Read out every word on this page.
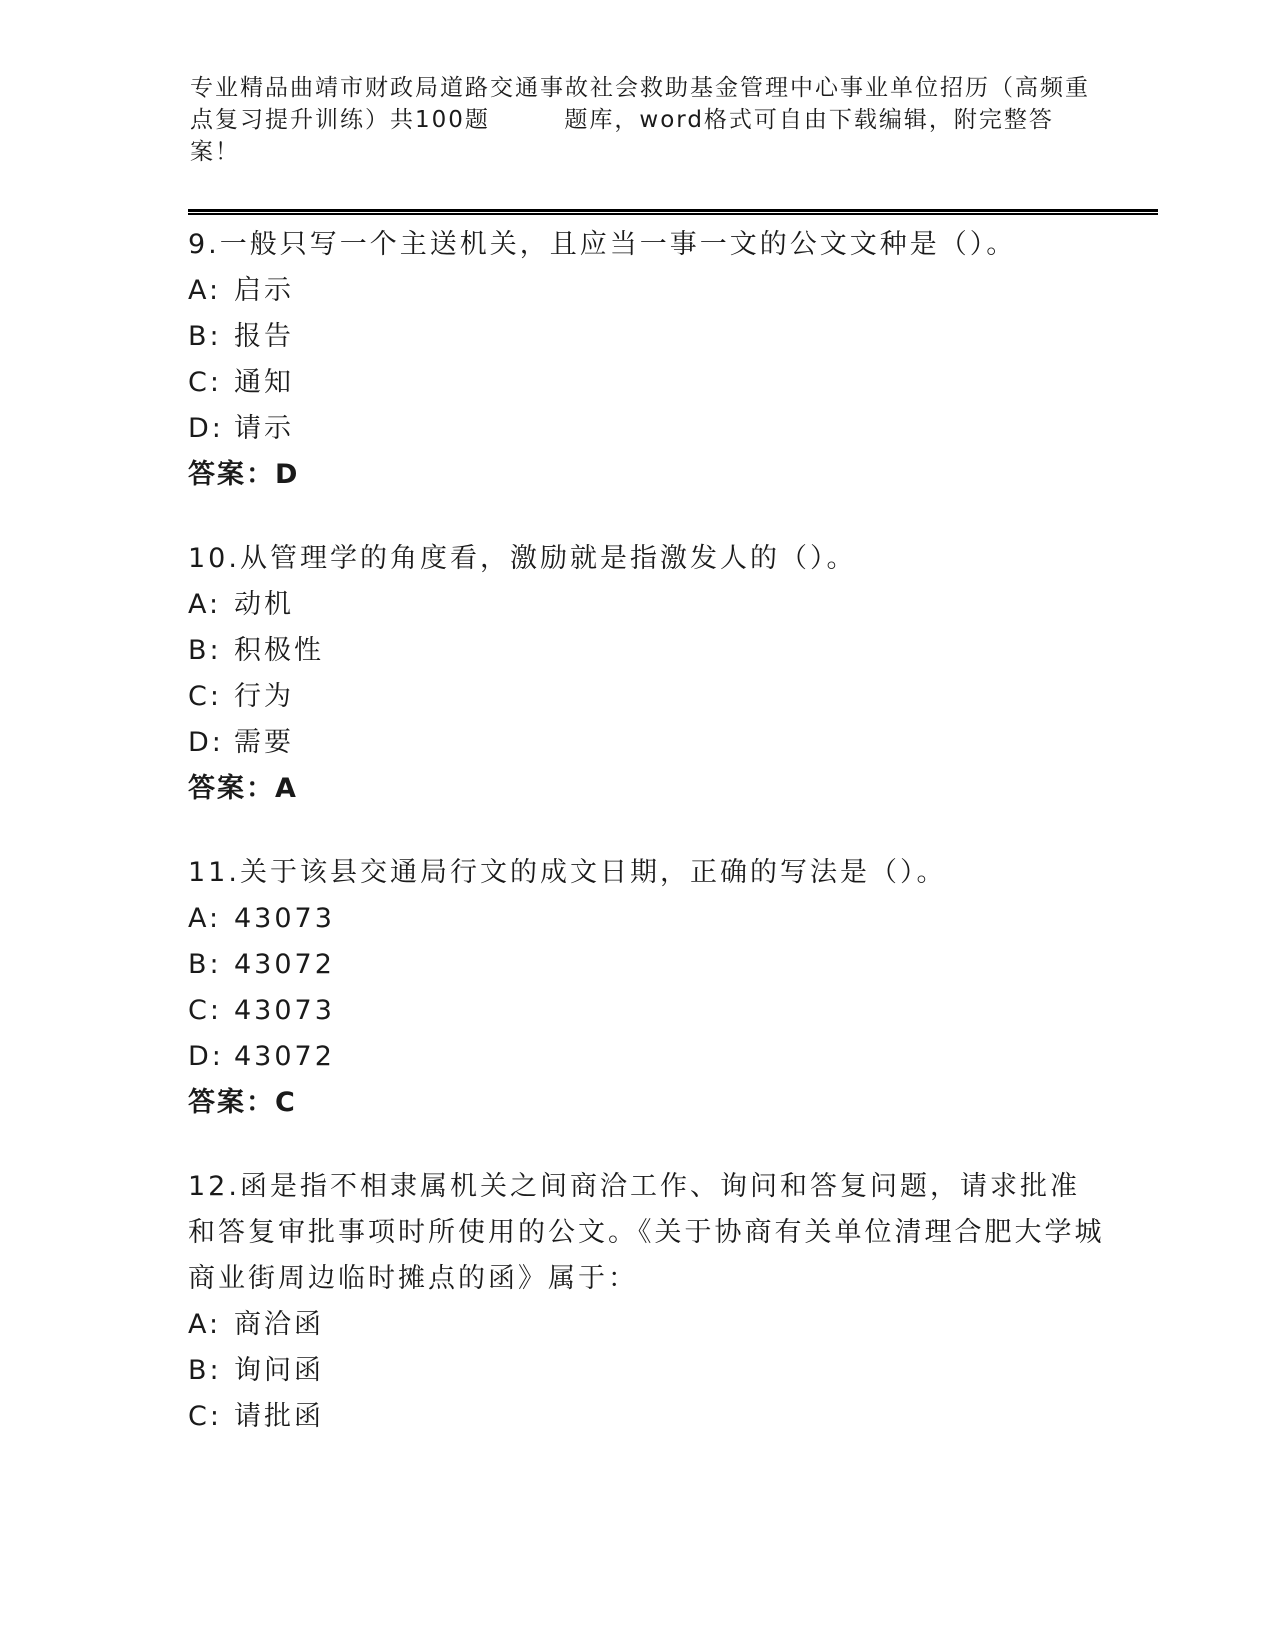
专业精品曲靖市财政局道路交通事故社会救助基金管理中心事业单位招历（高频重点复习提升训练）共100题        题库，word格式可自由下载编辑，附完整答案！
9.一般只写一个主送机关，且应当一事一文的公文文种是（）。
A: 启示
B: 报告
C: 通知
D: 请示
答案：D
10.从管理学的角度看，激励就是指激发人的（）。
A: 动机
B: 积极性
C: 行为
D: 需要
答案：A
11.关于该县交通局行文的成文日期，正确的写法是（）。
A: 43073
B: 43072
C: 43073
D: 43072
答案：C
12.函是指不相隶属机关之间商洽工作、询问和答复问题，请求批准和答复审批事项时所使用的公文。《关于协商有关单位清理合肥大学城商业街周边临时摊点的函》属于：
A: 商洽函
B: 询问函
C: 请批函
